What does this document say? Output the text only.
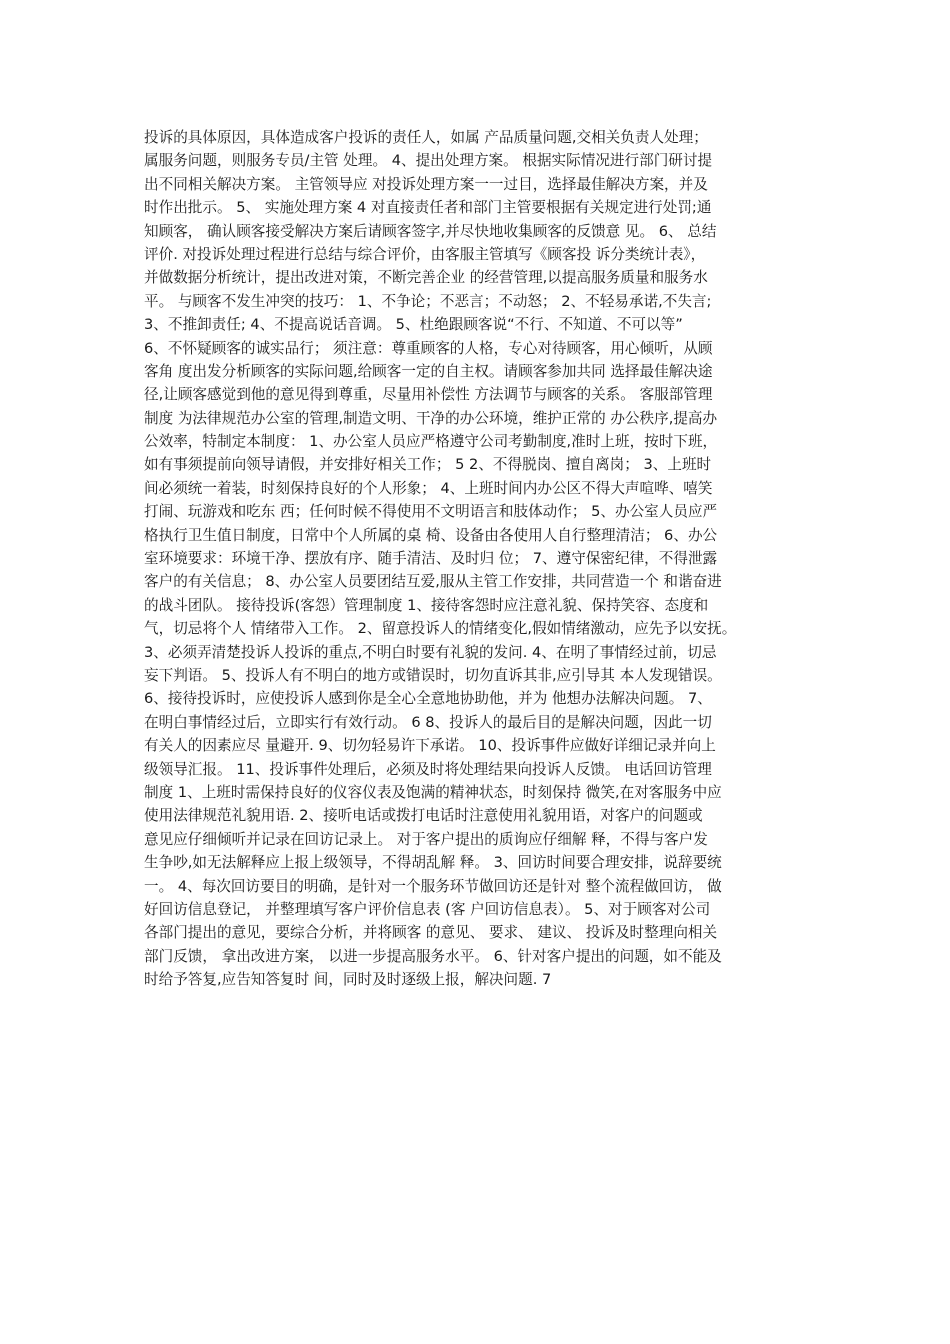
投诉的具体原因，具体造成客户投诉的责任人，如属 产品质量问题,交相关负责人处理；
属服务问题，则服务专员/主管 处理。 4、提出处理方案。 根据实际情况进行部门研讨提
出不同相关解决方案。 主管领导应 对投诉处理方案一一过目，选择最佳解决方案，并及
时作出批示。 5、 实施处理方案 4 对直接责任者和部门主管要根据有关规定进行处罚;通
知顾客， 确认顾客接受解决方案后请顾客签字,并尽快地收集顾客的反馈意 见。 6、 总结
评价. 对投诉处理过程进行总结与综合评价，由客服主管填写《顾客投 诉分类统计表》，
并做数据分析统计，提出改进对策，不断完善企业 的经营管理,以提高服务质量和服务水
平。 与顾客不发生冲突的技巧： 1、不争论；不恶言；不动怒； 2、不轻易承诺,不失言;
3、不推卸责任; 4、不提高说话音调。 5、杜绝跟顾客说“不行、不知道、不可以等”
6、不怀疑顾客的诚实品行； 须注意：尊重顾客的人格，专心对待顾客，用心倾听，从顾
客角 度出发分析顾客的实际问题,给顾客一定的自主权。请顾客参加共同 选择最佳解决途
径,让顾客感觉到他的意见得到尊重，尽量用补偿性 方法调节与顾客的关系。 客服部管理
制度 为法律规范办公室的管理,制造文明、干净的办公环境，维护正常的 办公秩序,提高办
公效率，特制定本制度： 1、办公室人员应严格遵守公司考勤制度,准时上班，按时下班，
如有事须提前向领导请假，并安排好相关工作； 5 2、不得脱岗、擅自离岗； 3、上班时
间必须统一着装，时刻保持良好的个人形象； 4、上班时间内办公区不得大声喧哗、嘻笑
打闹、玩游戏和吃东 西；任何时候不得使用不文明语言和肢体动作； 5、办公室人员应严
格执行卫生值日制度，日常中个人所属的桌 椅、设备由各使用人自行整理清洁； 6、办公
室环境要求：环境干净、摆放有序、随手清洁、及时归 位； 7、遵守保密纪律，不得泄露
客户的有关信息； 8、办公室人员要团结互爱,服从主管工作安排，共同营造一个 和谐奋进
的战斗团队。 接待投诉(客怨）管理制度 1、接待客怨时应注意礼貌、保持笑容、态度和
气，切忌将个人 情绪带入工作。 2、留意投诉人的情绪变化,假如情绪激动，应先予以安抚。
3、必须弄清楚投诉人投诉的重点,不明白时要有礼貌的发问. 4、在明了事情经过前，切忌
妄下判语。 5、投诉人有不明白的地方或错误时，切勿直诉其非,应引导其 本人发现错误。
6、接待投诉时，应使投诉人感到你是全心全意地协助他，并为 他想办法解决问题。 7、
在明白事情经过后，立即实行有效行动。 6 8、投诉人的最后目的是解决问题，因此一切
有关人的因素应尽 量避开. 9、切勿轻易许下承诺。 10、投诉事件应做好详细记录并向上
级领导汇报。 11、投诉事件处理后，必须及时将处理结果向投诉人反馈。 电话回访管理
制度 1、上班时需保持良好的仪容仪表及饱满的精神状态，时刻保持 微笑,在对客服务中应
使用法律规范礼貌用语. 2、接听电话或拨打电话时注意使用礼貌用语，对客户的问题或
意见应仔细倾听并记录在回访记录上。 对于客户提出的质询应仔细解 释，不得与客户发
生争吵,如无法解释应上报上级领导，不得胡乱解 释。 3、回访时间要合理安排，说辞要统
一。 4、每次回访要目的明确，是针对一个服务环节做回访还是针对 整个流程做回访， 做
好回访信息登记， 并整理填写客户评价信息表 (客 户回访信息表）。 5、对于顾客对公司
各部门提出的意见，要综合分析，并将顾客 的意见、 要求、 建议、 投诉及时整理向相关
部门反馈， 拿出改进方案， 以进一步提高服务水平。 6、针对客户提出的问题，如不能及
时给予答复,应告知答复时 间，同时及时逐级上报，解决问题. 7
